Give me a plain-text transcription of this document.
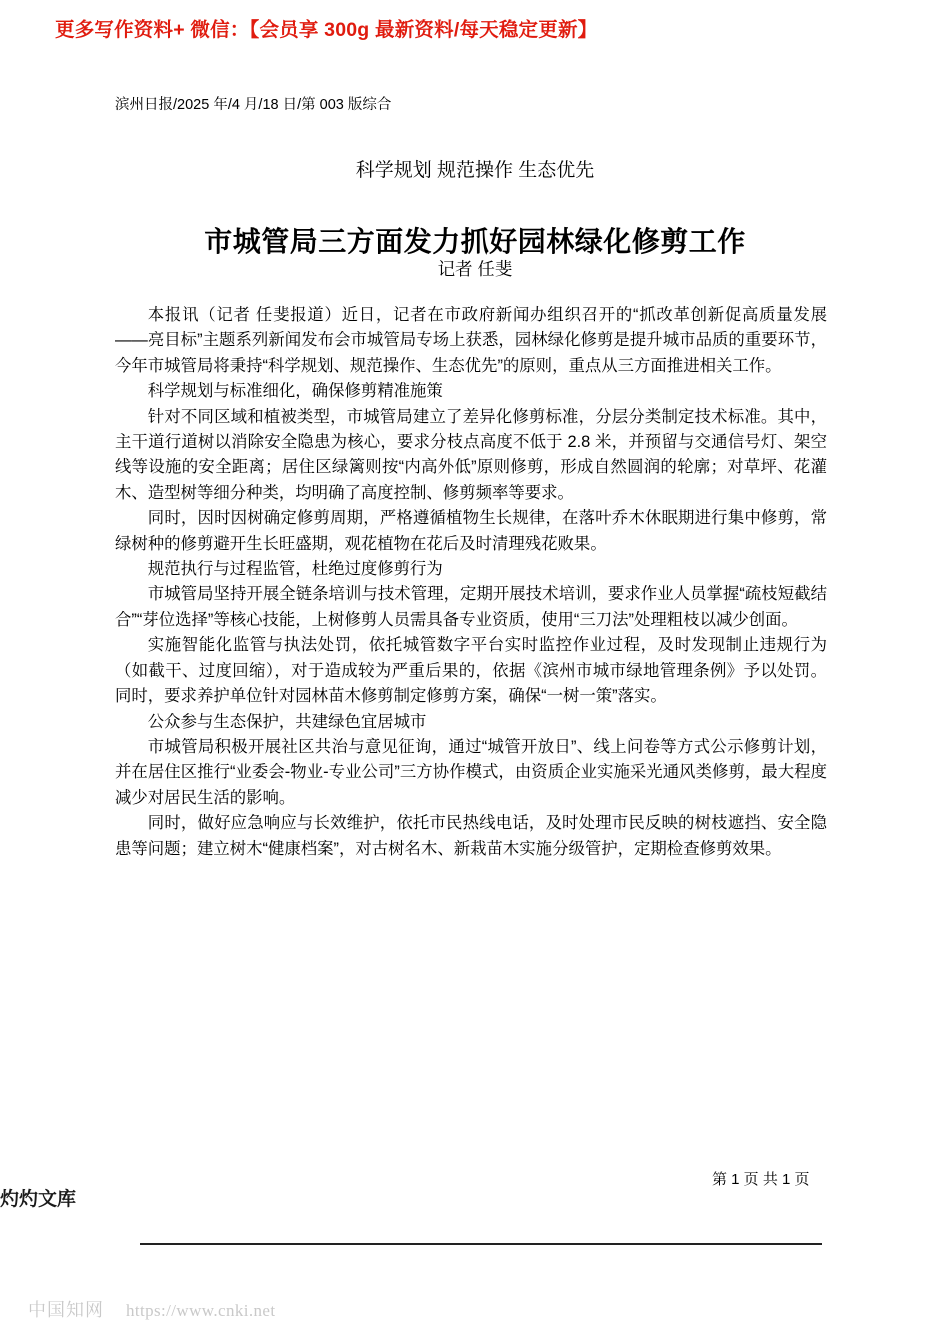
更多写作资料+ 微信：【会员享 300g 最新资料/每天稳定更新】
滨州日报/2025 年/4 月/18 日/第 003 版综合
科学规划 规范操作 生态优先
市城管局三方面发力抓好园林绿化修剪工作
记者 任斐

本报讯（记者 任斐报道）近日，记者在市政府新闻办组织召开的“抓改革创新促高质量发展——亮目标”主题系列新闻发布会市城管局专场上获悉，园林绿化修剪是提升城市品质的重要环节，今年市城管局将秉持“科学规划、规范操作、生态优先”的原则，重点从三方面推进相关工作。

科学规划与标准细化，确保修剪精准施策

针对不同区域和植被类型，市城管局建立了差异化修剪标准，分层分类制定技术标准。其中，主干道行道树以消除安全隐患为核心，要求分枝点高度不低于 2.8 米，并预留与交通信号灯、架空线等设施的安全距离；居住区绿篱则按“内高外低”原则修剪，形成自然圆润的轮廓；对草坪、花灌木、造型树等细分种类，均明确了高度控制、修剪频率等要求。

同时，因时因树确定修剪周期，严格遵循植物生长规律，在落叶乔木休眠期进行集中修剪，常绿树种的修剪避开生长旺盛期，观花植物在花后及时清理残花败果。

规范执行与过程监管，杜绝过度修剪行为

市城管局坚持开展全链条培训与技术管理，定期开展技术培训，要求作业人员掌握“疏枝短截结合”“芽位选择”等核心技能，上树修剪人员需具备专业资质，使用“三刀法”处理粗枝以减少创面。

实施智能化监管与执法处罚，依托城管数字平台实时监控作业过程，及时发现制止违规行为（如截干、过度回缩），对于造成较为严重后果的，依据《滨州市城市绿地管理条例》予以处罚。同时，要求养护单位针对园林苗木修剪制定修剪方案，确保“一树一策”落实。

公众参与生态保护，共建绿色宜居城市

市城管局积极开展社区共治与意见征询，通过“城管开放日”、线上问卷等方式公示修剪计划，并在居住区推行“业委会-物业-专业公司”三方协作模式，由资质企业实施采光通风类修剪，最大程度减少对居民生活的影响。

同时，做好应急响应与长效维护，依托市民热线电话，及时处理市民反映的树枝遮挡、安全隐患等问题；建立树木“健康档案”，对古树名木、新栽苗木实施分级管护，定期检查修剪效果。

第 1 页 共 1 页
灼灼文库
中国知网 https://www.cnki.net
